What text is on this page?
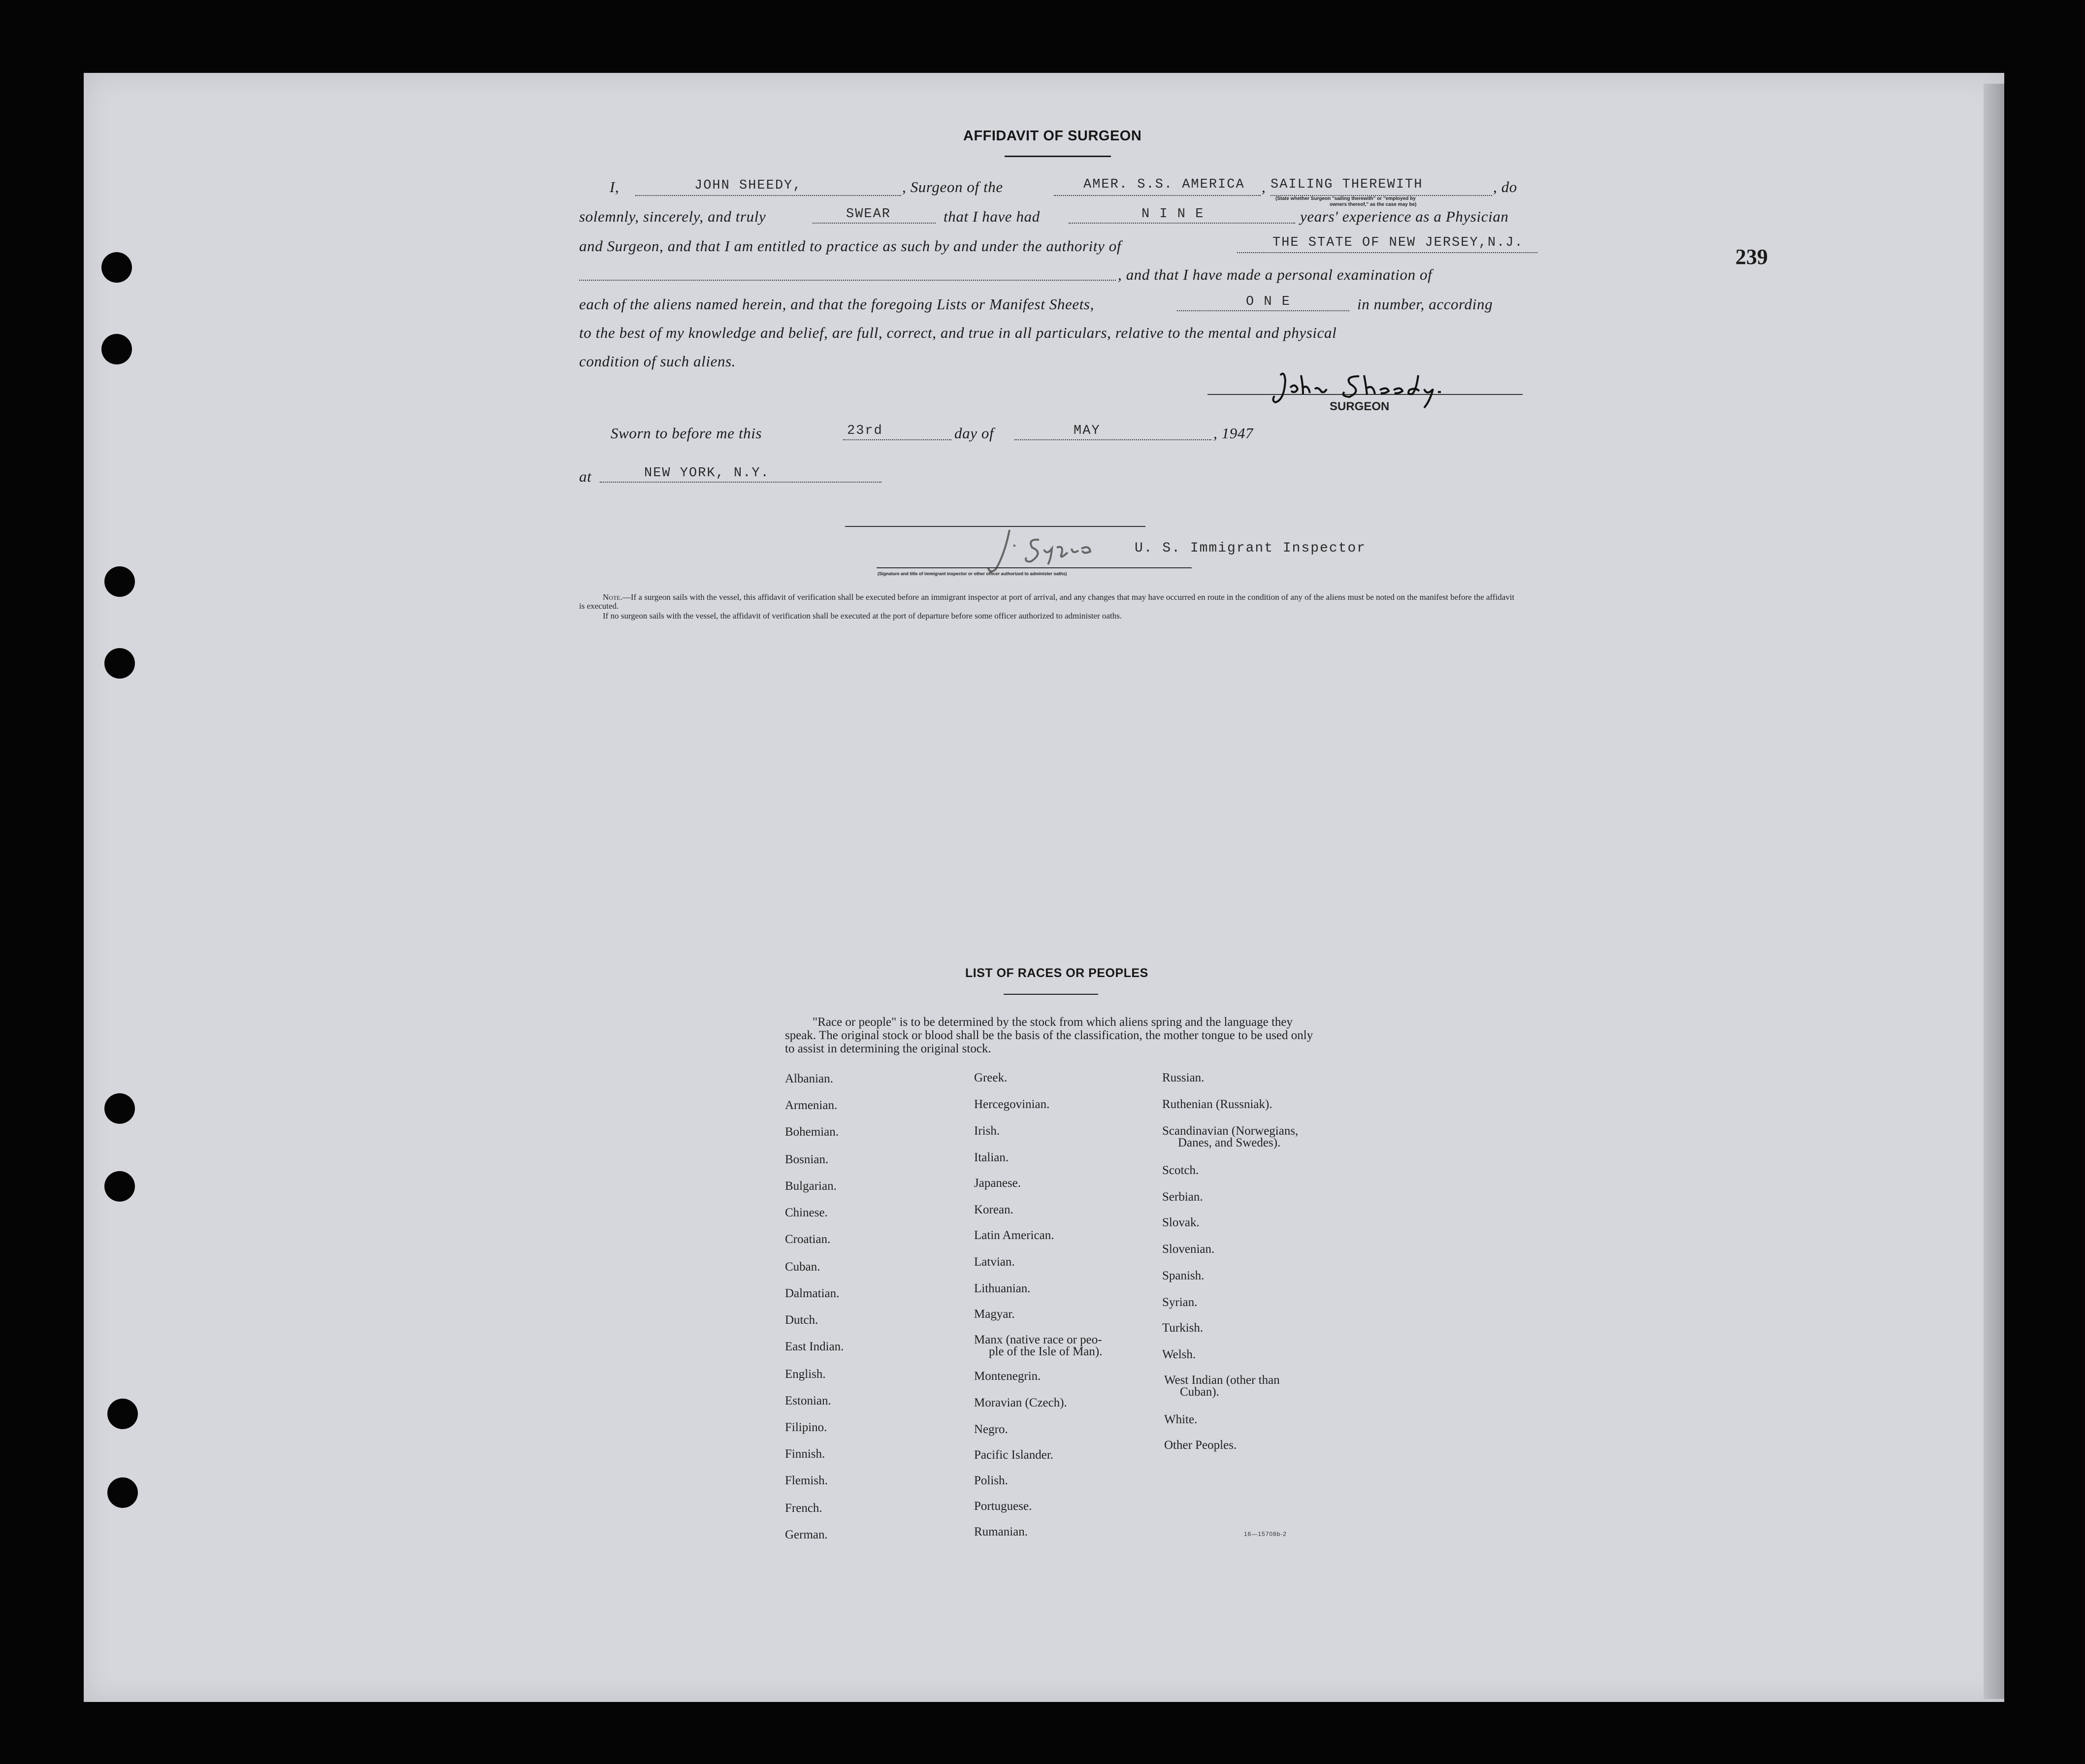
239
AFFIDAVIT OF SURGEON
I,	JOHN SHEEDY,	, Surgeon of the	AMER. S.S. AMERICA , SAILING THEREWITH	, do
(State whether Surgeon "sailing therewith" or "employed by
owners thereof," as the case may be)
solemnly, sincerely, and truly	SWEAR	that I have had	N I N E	years' experience as a Physician
and Surgeon, and that I am entitled to practice as such by and under the authority of	THE STATE OF NEW JERSEY,N.J.
, and that I have made a personal examination of
each of the aliens named herein, and that the foregoing Lists or Manifest Sheets,	O N E	in number, according
to the best of my knowledge and belief, are full, correct, and true in all particulars, relative to the mental and physical
condition of such aliens.
SURGEON
Sworn to before me this	23rd	day of	MAY	, 1947
at	NEW YORK, N.Y.
U. S. Immigrant Inspector
(Signature and title of immigrant inspector or other officer authorized to administer oaths)
Note.—If a surgeon sails with the vessel, this affidavit of verification shall be executed before an immigrant inspector at port of arrival, and any changes that may have occurred en route in the condition of any of the aliens must be noted on the manifest before the affidavit is executed.
If no surgeon sails with the vessel, the affidavit of verification shall be executed at the port of departure before some officer authorized to administer oaths.
LIST OF RACES OR PEOPLES
"Race or people" is to be determined by the stock from which aliens spring and the language they speak. The original stock or blood shall be the basis of the classification, the mother tongue to be used only to assist in determining the original stock.
Albanian.
Armenian.
Bohemian.
Bosnian.
Bulgarian.
Chinese.
Croatian.
Cuban.
Dalmatian.
Dutch.
East Indian.
English.
Estonian.
Filipino.
Finnish.
Flemish.
French.
German.
Greek.
Hercegovinian.
Irish.
Italian.
Japanese.
Korean.
Latin American.
Latvian.
Lithuanian.
Magyar.
Manx (native race or peo-
ple of the Isle of Man).
Montenegrin.
Moravian (Czech).
Negro.
Pacific Islander.
Polish.
Portuguese.
Rumanian.
Russian.
Ruthenian (Russniak).
Scandinavian (Norwegians,
Danes, and Swedes).
Scotch.
Serbian.
Slovak.
Slovenian.
Spanish.
Syrian.
Turkish.
Welsh.
West Indian (other than
Cuban).
White.
Other Peoples.
16—15708b-2
